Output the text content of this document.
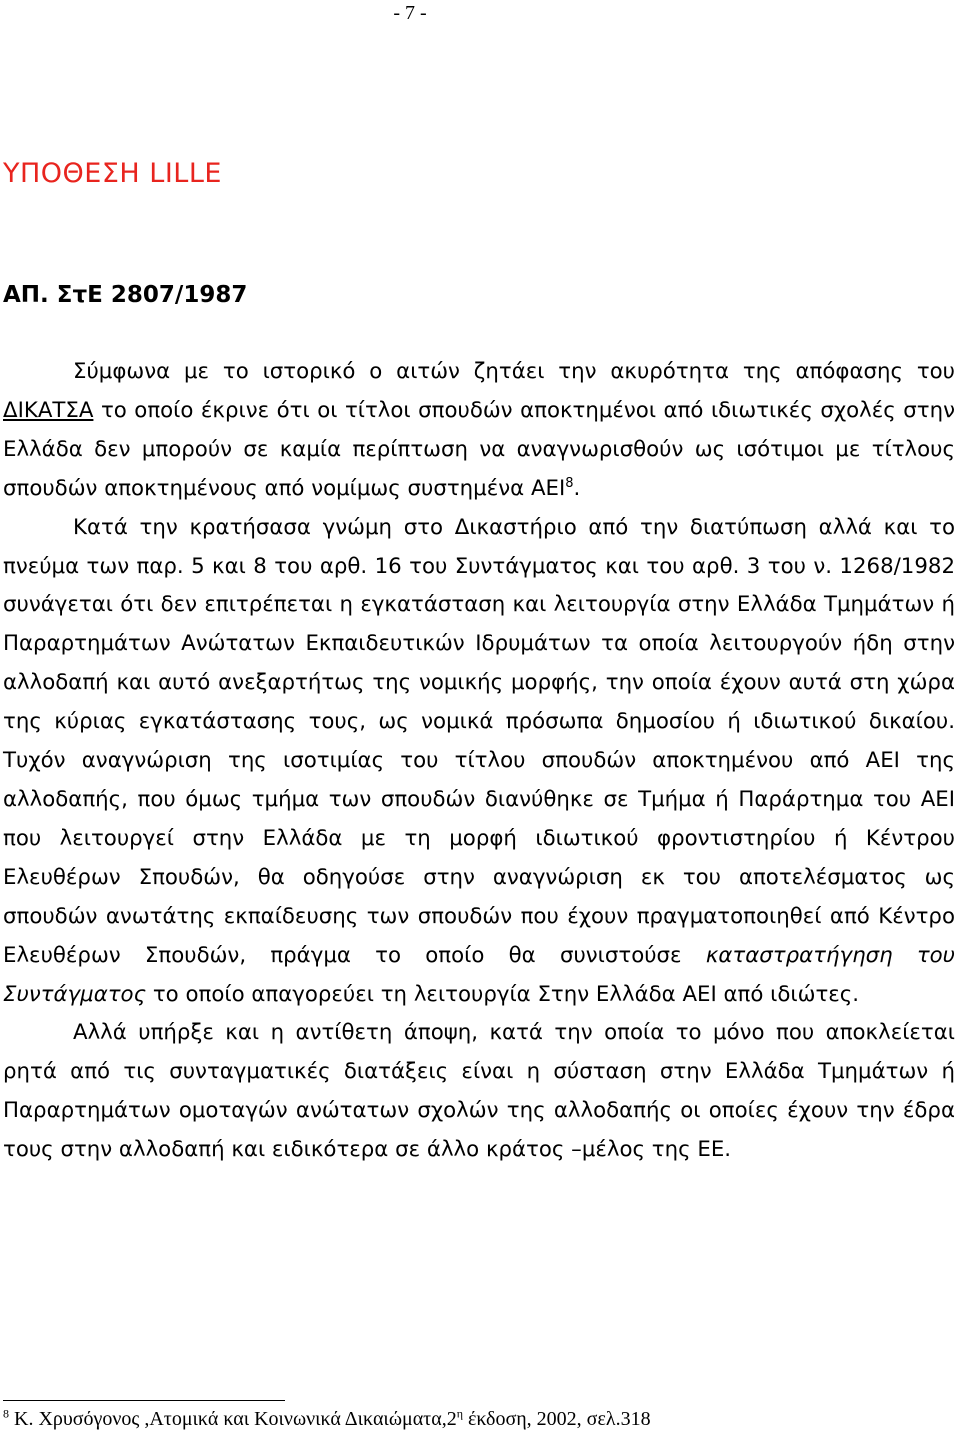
- 7 -
ΥΠΟΘΕΣΗ LILLE
ΑΠ. ΣτΕ 2807/1987

Σύμφωνα με το ιστορικό ο αιτών ζητάει την ακυρότητα της απόφασης του ΔΙΚΑΤΣΑ το οποίο έκρινε ότι οι τίτλοι σπουδών αποκτημένοι από ιδιωτικές σχολές στην Ελλάδα δεν μπορούν σε καμία περίπτωση να αναγνωρισθούν ως ισότιμοι με τίτλους σπουδών αποκτημένους από νομίμως συστημένα ΑΕΙ$^8$.

Κατά την κρατήσασα γνώμη στο Δικαστήριο από την διατύπωση αλλά και το πνεύμα των παρ. 5 και 8 του αρθ. 16 του Συντάγματος και του αρθ. 3 του ν. 1268/1982 συνάγεται ότι δεν επιτρέπεται η εγκατάσταση και λειτουργία στην Ελλάδα Τμημάτων ή Παραρτημάτων Ανώτατων Εκπαιδευτικών Ιδρυμάτων τα οποία λειτουργούν ήδη στην αλλοδαπή και αυτό ανεξαρτήτως της νομικής μορφής, την οποία έχουν αυτά στη χώρα της κύριας εγκατάστασης τους, ως νομικά πρόσωπα δημοσίου ή ιδιωτικού δικαίου. Τυχόν αναγνώριση της ισοτιμίας του τίτλου σπουδών αποκτημένου από ΑΕΙ της αλλοδαπής, που όμως τμήμα των σπουδών διανύθηκε σε Τμήμα ή Παράρτημα του ΑΕΙ που λειτουργεί στην Ελλάδα με τη μορφή ιδιωτικού φροντιστηρίου ή Κέντρου Ελευθέρων Σπουδών, θα οδηγούσε στην αναγνώριση εκ του αποτελέσματος ως σπουδών ανωτάτης εκπαίδευσης των σπουδών που έχουν πραγματοποιηθεί από Κέντρο Ελευθέρων Σπουδών, πράγμα το οποίο θα συνιστούσε καταστρατήγηση του Συντάγματος το οποίο απαγορεύει τη λειτουργία Στην Ελλάδα ΑΕΙ από ιδιώτες.

Αλλά υπήρξε και η αντίθετη άποψη, κατά την οποία το μόνο που αποκλείεται ρητά από τις συνταγματικές διατάξεις είναι η σύσταση στην Ελλάδα Τμημάτων ή Παραρτημάτων ομοταγών ανώτατων σχολών της αλλοδαπής οι οποίες έχουν την έδρα τους στην αλλοδαπή και ειδικότερα σε άλλο κράτος –μέλος της ΕΕ.

$^8$ Κ. Χρυσόγονος ,Ατομικά και Κοινωνικά $\Delta\iota\kappa\alpha\iota ώ\mu\alpha\tau\alpha,2^\eta$ έκδοση, 2002, σελ.318
